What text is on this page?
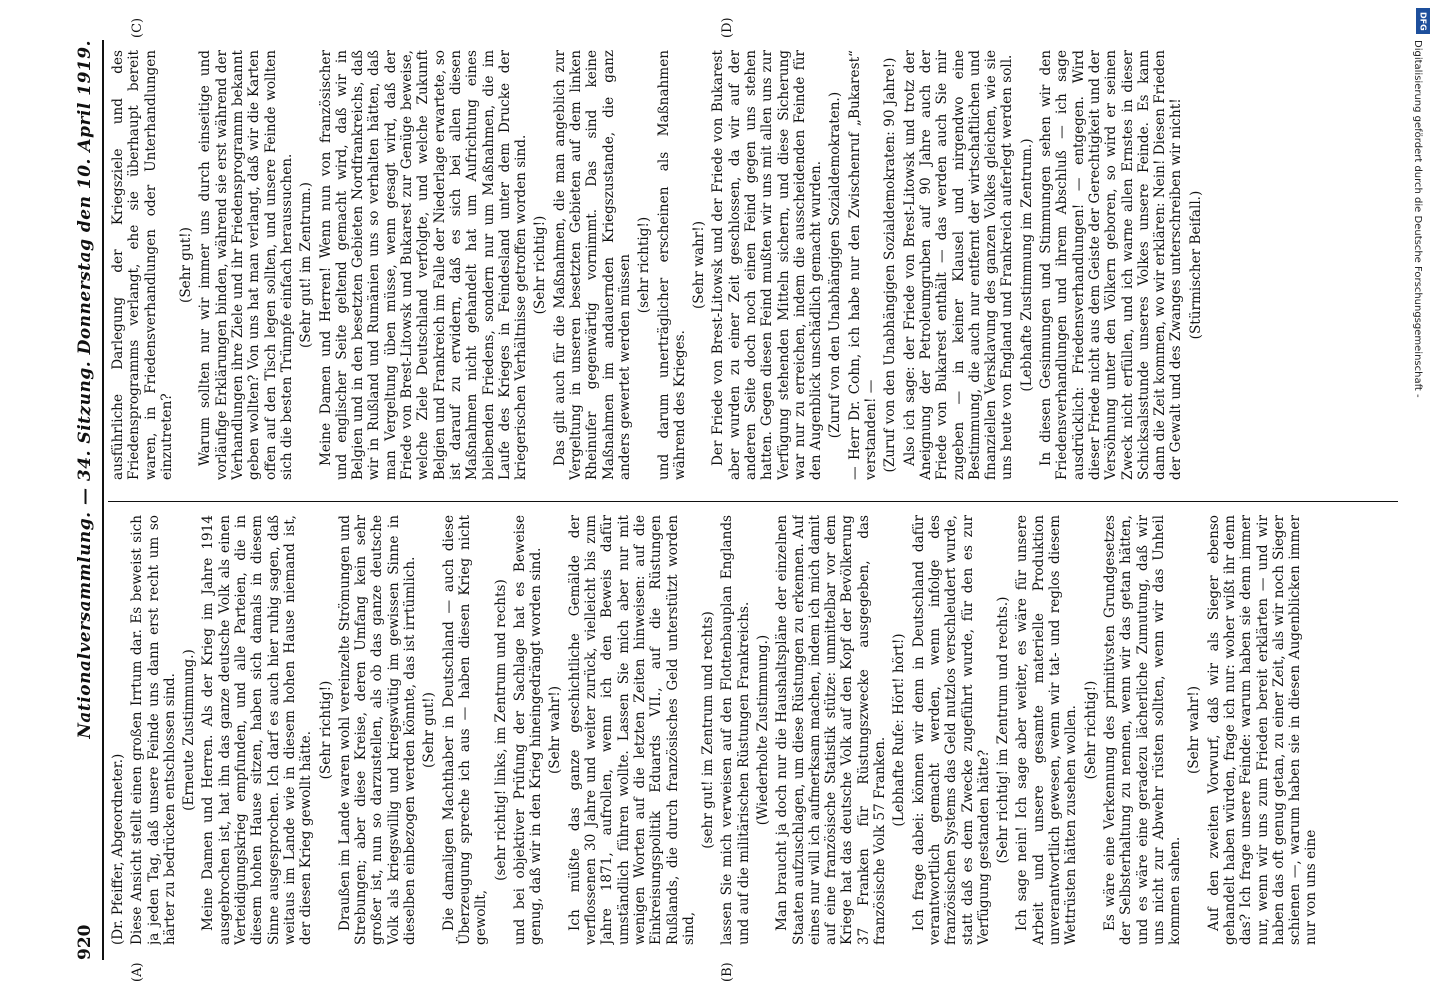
920
Nationalversammlung. — 34. Sitzung. Donnerstag den 10. April 1919.
(A)	(B)
(C)	(D)

(Dr. Pfeiffer, Abgeordneter.) Diese Ansicht stellt einen großen Irrtum dar. Es beweist sich ja jeden Tag, daß unsere Feinde uns dann erst recht um so härter zu bedrücken entschlossen sind. (Erneute Zustimmung.) Meine Damen und Herren. Als der Krieg im Jahre 1914 ausgebrochen ist, hat ihn das ganze deutsche Volk als einen Verteidigungskrieg empfunden, und alle Parteien, die in diesem hohen Hause sitzen, haben sich damals in diesem Sinne ausgesprochen. Ich darf es auch hier ruhig sagen, daß weitaus im Lande wie in diesem hohen Hause niemand ist, der diesen Krieg gewollt hätte.

(Sehr richtig!) Draußen im Lande waren wohl vereinzelte Strömungen und Strebungen; aber diese Kreise, deren Umfang kein sehr großer ist, nun so darzustellen, als ob das ganze deutsche Volk als kriegswillig und kriegswütig im gewissen Sinne in dieselben einbezogen werden könnte, das ist irrtümlich. (Sehr gut!) Die damaligen Machthaber in Deutschland — auch diese Überzeugung spreche ich aus — haben diesen Krieg nicht gewollt,

(sehr richtig! links, im Zentrum und rechts) und bei objektiver Prüfung der Sachlage hat es Beweise genug, daß wir in den Krieg hineingedrängt worden sind. (Sehr wahr!) Ich müßte das ganze geschichtliche Gemälde der verflossenen 30 Jahre und weiter zurück, vielleicht bis zum Jahre 1871, aufrollen, wenn ich den Beweis dafür umständlich führen wollte. Lassen Sie mich aber nur mit wenigen Worten auf die letzten Zeiten hinweisen: auf die Einkreisungspolitik Eduards VII., auf die Rüstungen Rußlands, die durch französisches Geld unterstützt worden sind,

(sehr gut! im Zentrum und rechts) lassen Sie mich verweisen auf den Flottenbauplan Englands und auf die militärischen Rüstungen Frankreichs. (Wiederholte Zustimmung.) Man braucht ja doch nur die Haushaltspläne der einzelnen Staaten aufzuschlagen, um diese Rüstungen zu erkennen. Auf eines nur will ich aufmerksam machen, indem ich mich damit auf eine französische Statistik stütze: unmittelbar vor dem Kriege hat das deutsche Volk auf den Kopf der Bevölkerung 37 Franken für Rüstungszwecke ausgegeben, das französische Volk 57 Franken.

(Lebhafte Rufe: Hört! hört!) Ich frage dabei: können wir denn in Deutschland dafür verantwortlich gemacht werden, wenn infolge des französischen Systems das Geld nutzlos verschleudert wurde, statt daß es dem Zwecke zugeführt wurde, für den es zur Verfügung gestanden hätte? (Sehr richtig! im Zentrum und rechts.) Ich sage nein! Ich sage aber weiter, es wäre für unsere Arbeit und unsere gesamte materielle Produktion unverantwortlich gewesen, wenn wir tat- und reglos diesem Wettrüsten hätten zusehen wollen. (Sehr richtig!) Es wäre eine Verkennung des primitivsten Grundgesetzes der Selbsterhaltung zu nennen, wenn wir das getan hätten, und es wäre eine geradezu lächerliche Zumutung, daß wir uns nicht zur Abwehr rüsten sollten, wenn wir das Unheil kommen sahen.

(Sehr wahr!) Auf den zweiten Vorwurf, daß wir als Sieger ebenso gehandelt haben würden, frage ich nur: woher wißt ihr denn das? Ich frage unsere Feinde: warum haben sie denn immer nur, wenn wir uns zum Frieden bereit erklärten — und wir haben das oft genug getan, zu einer Zeit, als wir noch Sieger schienen —, warum haben sie in diesen Augenblicken immer nur von uns eine

ausführliche Darlegung der Kriegsziele und des Friedensprogramms verlangt, ehe sie überhaupt bereit waren, in Friedensverhandlungen oder Unterhandlungen einzutreten?

(Sehr gut!) Warum sollten nur wir immer uns durch einseitige und vorläufige Erklärungen binden, während sie erst während der Verhandlungen ihre Ziele und ihr Friedensprogramm bekannt geben wollten? Von uns hat man verlangt, daß wir die Karten offen auf den Tisch legen sollten, und unsere Feinde wollten sich die besten Trümpfe einfach heraussuchen. (Sehr gut! im Zentrum.) Meine Damen und Herren! Wenn nun von französischer und englischer Seite geltend gemacht wird, daß wir in Belgien und in den besetzten Gebieten Nordfrankreichs, daß wir in Rußland und Rumänien uns so verhalten hätten, daß man Vergeltung üben müsse, wenn gesagt wird, daß der Friede von Brest-Litowsk und Bukarest zur Genüge beweise, welche Ziele Deutschland verfolgte, und welche Zukunft Belgien und Frankreich im Falle der Niederlage erwartete, so ist darauf zu erwidern, daß es sich bei allen diesen Maßnahmen nicht gehandelt hat um Aufrichtung eines bleibenden Friedens, sondern nur um Maßnahmen, die im Laufe des Krieges in Feindesland unter dem Drucke der kriegerischen Verhältnisse getroffen worden sind. (Sehr richtig!) Das gilt auch für die Maßnahmen, die man angeblich zur Vergeltung in unseren besetzten Gebieten auf dem linken Rheinufer gegenwärtig vornimmt. Das sind keine Maßnahmen im andauernden Kriegszustande, die ganz anders gewertet werden müssen (sehr richtig!) und darum unerträglicher erscheinen als Maßnahmen während des Krieges.

(Sehr wahr!) Der Friede von Brest-Litowsk und der Friede von Bukarest aber wurden zu einer Zeit geschlossen, da wir auf der anderen Seite doch noch einen Feind gegen uns stehen hatten. Gegen diesen Feind mußten wir uns mit allen uns zur Verfügung stehenden Mitteln sichern, und diese Sicherung war nur zu erreichen, indem die ausscheidenden Feinde für den Augenblick unschädlich gemacht wurden. (Zuruf von den Unabhängigen Sozialdemokraten.) — Herr Dr. Cohn, ich habe nur den Zwischenruf „Bukarest“ verstanden! — (Zuruf von den Unabhängigen Sozialdemokraten: 90 Jahre!) Also ich sage: der Friede von Brest-Litowsk und trotz der Aneignung der Petroleumgruben auf 90 Jahre auch der Friede von Bukarest enthält — das werden auch Sie mir zugeben — in keiner Klausel und nirgendwo eine Bestimmung, die auch nur entfernt der wirtschaftlichen und finanziellen Versklavung des ganzen Volkes gleichen, wie sie uns heute von England und Frankreich auferlegt werden soll. (Lebhafte Zustimmung im Zentrum.) In diesen Gesinnungen und Stimmungen sehen wir den Friedensverhandlungen und ihrem Abschluß — ich sage ausdrücklich: Friedensverhandlungen! — entgegen. Wird dieser Friede nicht aus dem Geiste der Gerechtigkeit und der Versöhnung unter den Völkern geboren, so wird er seinen Zweck nicht erfüllen, und ich warne allen Ernstes in dieser Schicksalsstunde unseres Volkes unsere Feinde. Es kann dann die Zeit kommen, wo wir erklären: Nein! Diesen Frieden der Gewalt und des Zwanges unterschreiben wir nicht! (Stürmischer Beifall.)

DFG
Digitalisierung gefördert durch die Deutsche Forschungsgemeinschaft -
